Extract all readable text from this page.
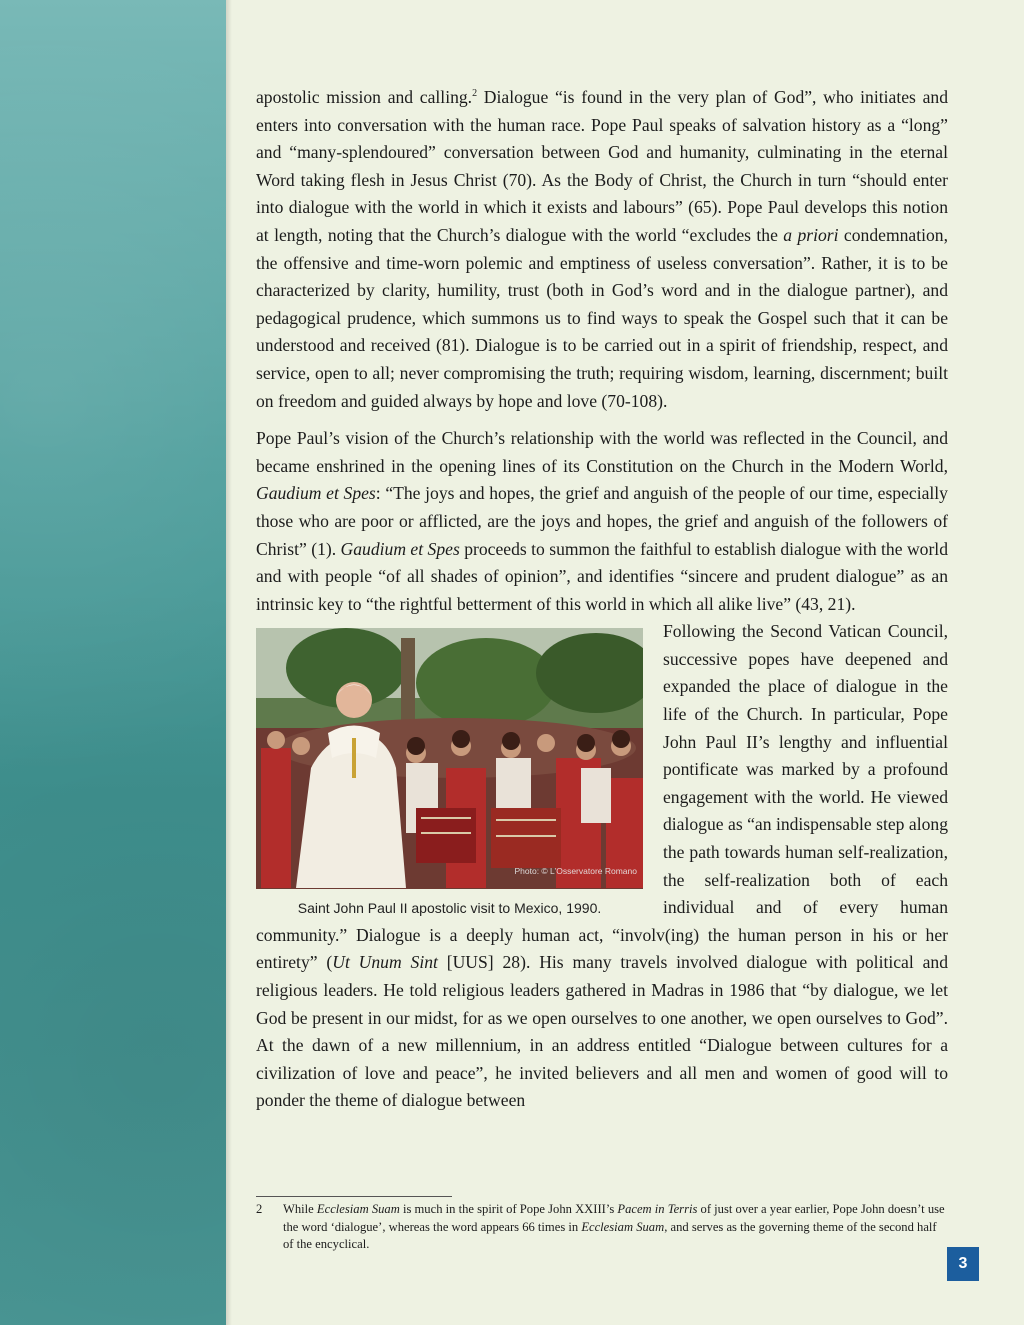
apostolic mission and calling.$^2$ Dialogue “is found in the very plan of God”, who initiates and enters into conversation with the human race. Pope Paul speaks of salvation history as a “long” and “many-splendoured” conversation between God and humanity, culminating in the eternal Word taking flesh in Jesus Christ (70). As the Body of Christ, the Church in turn “should enter into dialogue with the world in which it exists and labours” (65). Pope Paul develops this notion at length, noting that the Church’s dialogue with the world “excludes the a priori condemnation, the offensive and time-worn polemic and emptiness of useless conversation”. Rather, it is to be characterized by clarity, humility, trust (both in God’s word and in the dialogue partner), and pedagogical prudence, which summons us to find ways to speak the Gospel such that it can be understood and received (81). Dialogue is to be carried out in a spirit of friendship, respect, and service, open to all; never compromising the truth; requiring wisdom, learning, discernment; built on freedom and guided always by hope and love (70-108).

Pope Paul’s vision of the Church’s relationship with the world was reflected in the Council, and became enshrined in the opening lines of its Constitution on the Church in the Modern World, Gaudium et Spes: “The joys and hopes, the grief and anguish of the people of our time, especially those who are poor or afflicted, are the joys and hopes, the grief and anguish of the followers of Christ” (1). Gaudium et Spes proceeds to summon the faithful to establish dialogue with the world and with people “of all shades of opinion”, and identifies “sincere and prudent dialogue” as an intrinsic key to “the rightful betterment of this world in which all alike live” (43, 21).

Photo: © L’Osservatore Romano
Saint John Paul II apostolic visit to Mexico, 1990.

Following the Second Vatican Council, successive popes have deepened and expanded the place of dialogue in the life of the Church. In particular, Pope John Paul II’s lengthy and influential pontificate was marked by a profound engagement with the world. He viewed dialogue as “an indispensable step along the path towards human self-realization, the self-realization both of each individual and of every human community.” Dialogue is a deeply human act, “involv(ing) the human person in his or her entirety” (Ut Unum Sint [UUS] 28). His many travels involved dialogue with political and religious leaders. He told religious leaders gathered in Madras in 1986 that “by dialogue, we let God be present in our midst, for as we open ourselves to one another, we open ourselves to God”. At the dawn of a new millennium, in an address entitled “Dialogue between cultures for a civilization of love and peace”, he invited believers and all men and women of good will to ponder the theme of dialogue between

2 While Ecclesiam Suam is much in the spirit of Pope John XXIII’s Pacem in Terris of just over a year earlier, Pope John doesn’t use the word ‘dialogue’, whereas the word appears 66 times in Ecclesiam Suam, and serves as the governing theme of the second half of the encyclical.
3
